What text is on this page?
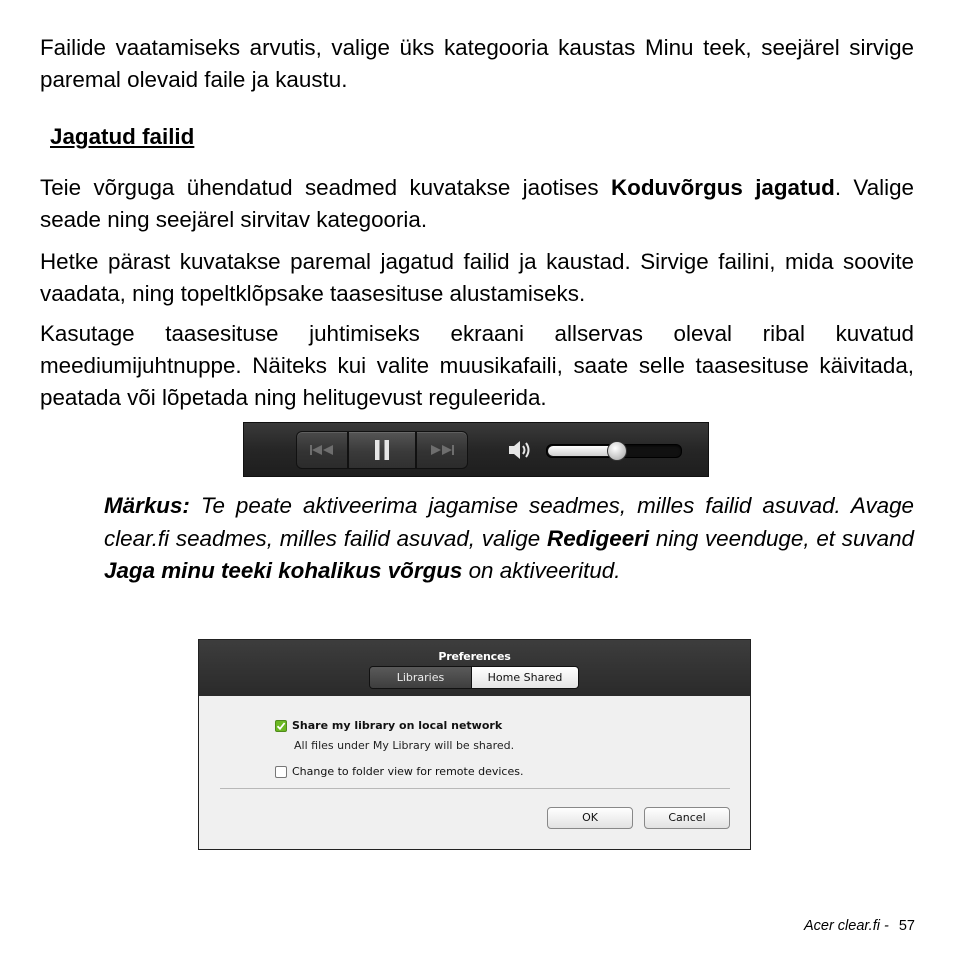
Failide vaatamiseks arvutis, valige üks kategooria kaustas Minu teek, seejärel sirvige paremal olevaid faile ja kaustu.

Jagatud failid

Teie võrguga ühendatud seadmed kuvatakse jaotises Koduvõrgus jagatud. Valige seade ning seejärel sirvitav kategooria.

Hetke pärast kuvatakse paremal jagatud failid ja kaustad. Sirvige failini, mida soovite vaadata, ning topeltklõpsake taasesituse alustamiseks.

Kasutage taasesituse juhtimiseks ekraani allservas oleval ribal kuvatud meediumijuhtnuppe. Näiteks kui valite muusikafaili, saate selle taasesituse käivitada, peatada või lõpetada ning helitugevust reguleerida.

Märkus: Te peate aktiveerima jagamise seadmes, milles failid asuvad. Avage clear.fi seadmes, milles failid asuvad, valige Redigeeri ning veenduge, et suvand Jaga minu teeki kohalikus võrgus on aktiveeritud.

Preferences
Libraries	Home Shared
Share my library on local network
All files under My Library will be shared.
Change to folder view for remote devices.
OK	Cancel
Acer clear.fi - 57
